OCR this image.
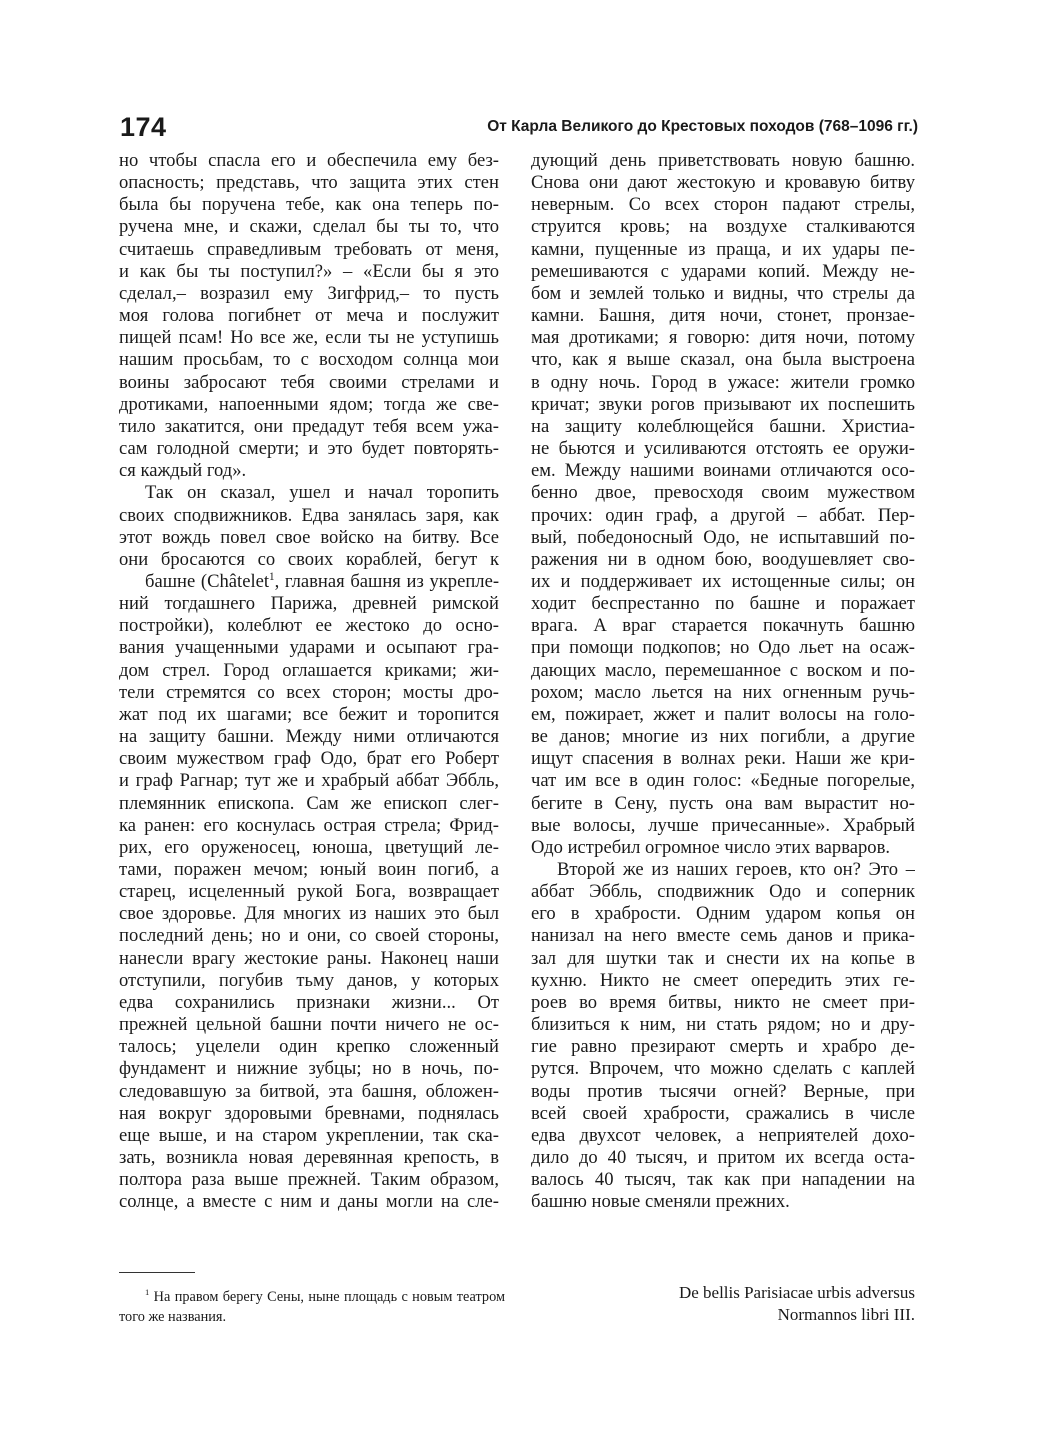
174	От Карла Великого до Крестовых походов (768–1096 гг.)
но чтобы спасла его и обеспечила ему без-
опасность; представь, что защита этих стен
была бы поручена тебе, как она теперь по-
ручена мне, и скажи, сделал бы ты то, что
считаешь справедливым требовать от меня,
и как бы ты поступил?» – «Если бы я это
сделал,– возразил ему Зигфрид,– то пусть
моя голова погибнет от меча и послужит
пищей псам! Но все же, если ты не уступишь
нашим просьбам, то с восходом солнца мои
воины забросают тебя своими стрелами и
дротиками, напоенными ядом; тогда же све-
тило закатится, они предадут тебя всем ужа-
сам голодной смерти; и это будет повторять-
ся каждый год».
Так он сказал, ушел и начал торопить
своих сподвижников. Едва занялась заря, как
этот вождь повел свое войско на битву. Все
они бросаются со своих кораблей, бегут к
башне (Châtelet$^1$, главная башня из укрепле-
ний тогдашнего Парижа, древней римской
постройки), колеблют ее жестоко до осно-
вания учащенными ударами и осыпают гра-
дом стрел. Город оглашается криками; жи-
тели стремятся со всех сторон; мосты дро-
жат под их шагами; все бежит и торопится
на защиту башни. Между ними отличаются
своим мужеством граф Одо, брат его Роберт
и граф Рагнар; тут же и храбрый аббат Эббль,
племянник епископа. Сам же епископ слег-
ка ранен: его коснулась острая стрела; Фрид-
рих, его оруженосец, юноша, цветущий ле-
тами, поражен мечом; юный воин погиб, а
старец, исцеленный рукой Бога, возвращает
свое здоровье. Для многих из наших это был
последний день; но и они, со своей стороны,
нанесли врагу жестокие раны. Наконец наши
отступили, погубив тьму данов, у которых
едва сохранились признаки жизни... От
прежней цельной башни почти ничего не ос-
талось; уцелели один крепко сложенный
фундамент и нижние зубцы; но в ночь, по-
следовавшую за битвой, эта башня, обложен-
ная вокруг здоровыми бревнами, поднялась
еще выше, и на старом укреплении, так ска-
зать, возникла новая деревянная крепость, в
полтора раза выше прежней. Таким образом,
солнце, а вместе с ним и даны могли на сле-
дующий день приветствовать новую башню.
Снова они дают жестокую и кровавую битву
неверным. Со всех сторон падают стрелы,
струится кровь; на воздухе сталкиваются
камни, пущенные из праща, и их удары пе-
ремешиваются с ударами копий. Между не-
бом и землей только и видны, что стрелы да
камни. Башня, дитя ночи, стонет, пронзае-
мая дротиками; я говорю: дитя ночи, потому
что, как я выше сказал, она была выстроена
в одну ночь. Город в ужасе: жители громко
кричат; звуки рогов призывают их поспешить
на защиту колеблющейся башни. Христиа-
не бьются и усиливаются отстоять ее оружи-
ем. Между нашими воинами отличаются осо-
бенно двое, превосходя своим мужеством
прочих: один граф, а другой – аббат. Пер-
вый, победоносный Одо, не испытавший по-
ражения ни в одном бою, воодушевляет сво-
их и поддерживает их истощенные силы; он
ходит беспрестанно по башне и поражает
врага. А враг старается покачнуть башню
при помощи подкопов; но Одо льет на осаж-
дающих масло, перемешанное с воском и по-
рохом; масло льется на них огненным ручь-
ем, пожирает, жжет и палит волосы на голо-
ве данов; многие из них погибли, а другие
ищут спасения в волнах реки. Наши же кри-
чат им все в один голос: «Бедные погорелые,
бегите в Сену, пусть она вам вырастит но-
вые волосы, лучше причесанные». Храбрый
Одо истребил огромное число этих варваров.
Второй же из наших героев, кто он? Это –
аббат Эббль, сподвижник Одо и соперник
его в храбрости. Одним ударом копья он
нанизал на него вместе семь данов и прика-
зал для шутки так и снести их на копье в
кухню. Никто не смеет опередить этих ге-
роев во время битвы, никто не смеет при-
близиться к ним, ни стать рядом; но и дру-
гие равно презирают смерть и храбро де-
рутся. Впрочем, что можно сделать с каплей
воды против тысячи огней? Верные, при
всей своей храбрости, сражались в числе
едва двухсот человек, а неприятелей дохо-
дило до 40 тысяч, и притом их всегда оста-
валось 40 тысяч, так как при нападении на
башню новые сменяли прежних.
$^1$ На правом берегу Сены, ныне площадь с новым театром того же названия.
De bellis Parisiacae urbis adversus
Normannos libri III.
